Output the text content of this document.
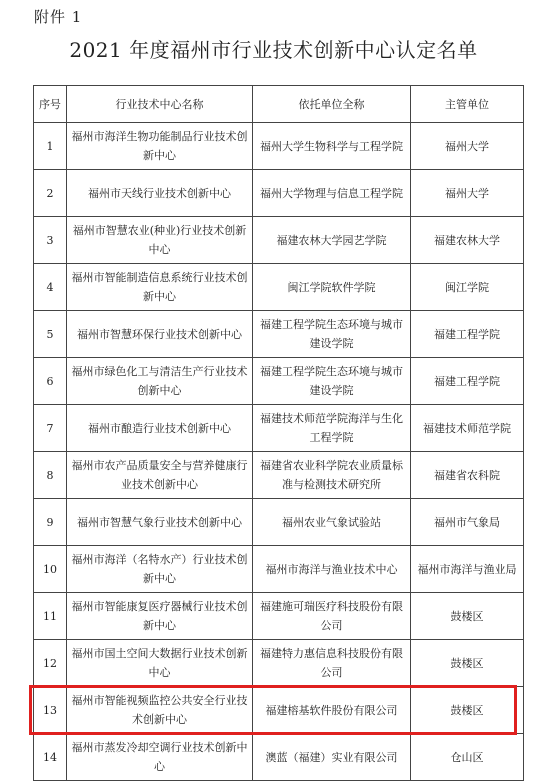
附件 1
2021 年度福州市行业技术创新中心认定名单
序号	行业技术中心名称	依托单位全称	主管单位
1	福州市海洋生物功能制品行业技术创新中心	福州大学生物科学与工程学院	福州大学
2	福州市天线行业技术创新中心	福州大学物理与信息工程学院	福州大学
3	福州市智慧农业(种业)行业技术创新中心	福建农林大学园艺学院	福建农林大学
4	福州市智能制造信息系统行业技术创新中心	闽江学院软件学院	闽江学院
5	福州市智慧环保行业技术创新中心	福建工程学院生态环境与城市建设学院	福建工程学院
6	福州市绿色化工与清洁生产行业技术创新中心	福建工程学院生态环境与城市建设学院	福建工程学院
7	福州市酿造行业技术创新中心	福建技术师范学院海洋与生化工程学院	福建技术师范学院
8	福州市农产品质量安全与营养健康行业技术创新中心	福建省农业科学院农业质量标准与检测技术研究所	福建省农科院
9	福州市智慧气象行业技术创新中心	福州农业气象试验站	福州市气象局
10	福州市海洋（名特水产）行业技术创新中心	福州市海洋与渔业技术中心	福州市海洋与渔业局
11	福州市智能康复医疗器械行业技术创新中心	福建施可瑞医疗科技股份有限公司	鼓楼区
12	福州市国土空间大数据行业技术创新中心	福建特力惠信息科技股份有限公司	鼓楼区
13	福州市智能视频监控公共安全行业技术创新中心	福建榕基软件股份有限公司	鼓楼区
14	福州市蒸发冷却空调行业技术创新中心	澳蓝（福建）实业有限公司	仓山区
